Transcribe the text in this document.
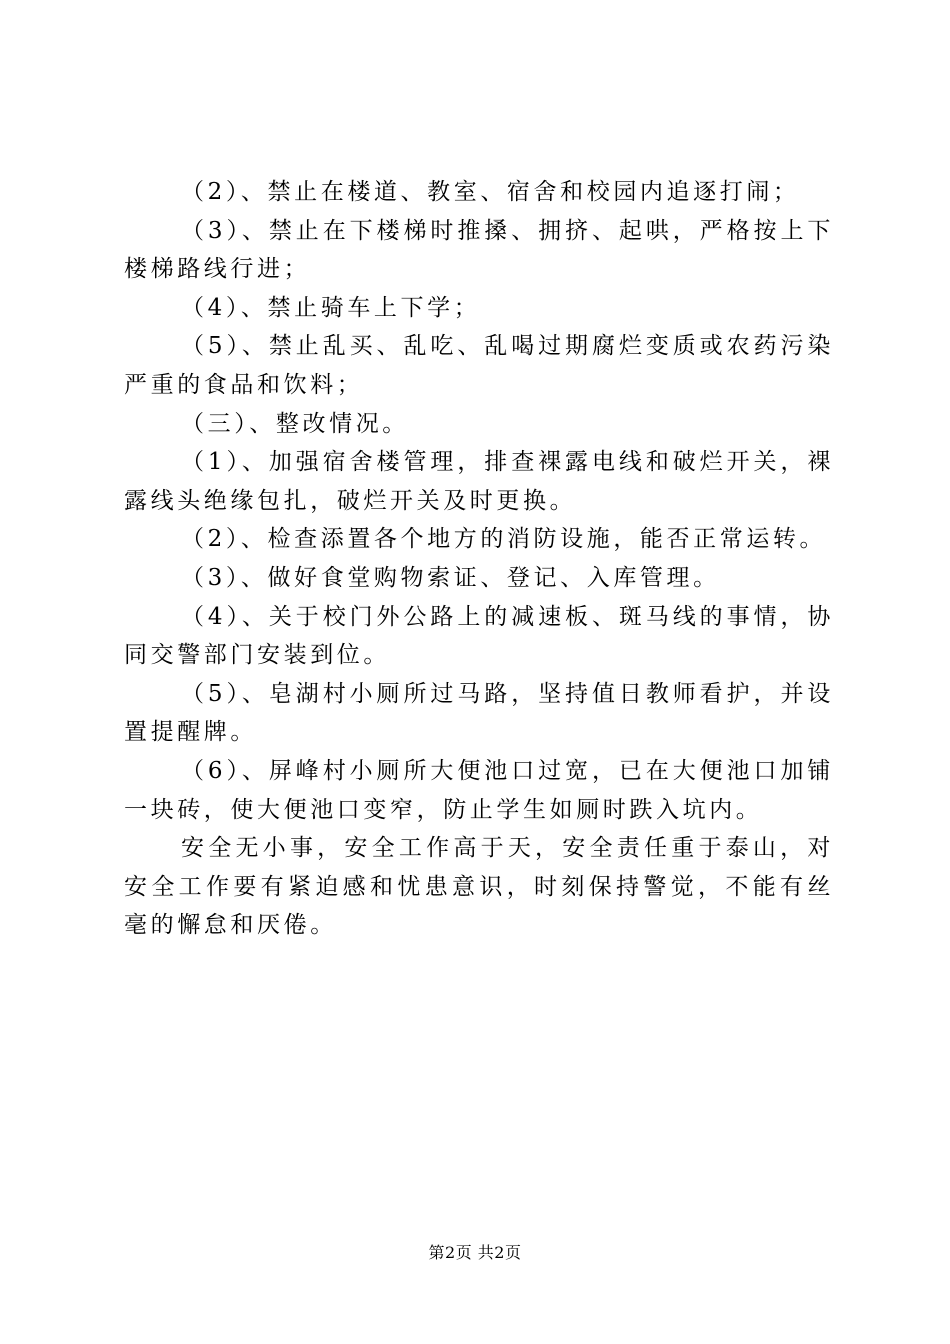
（2）、禁止在楼道、教室、宿舍和校园内追逐打闹；

（3）、禁止在下楼梯时推搡、拥挤、起哄，严格按上下楼梯路线行进；

（4）、禁止骑车上下学；

（5）、禁止乱买、乱吃、乱喝过期腐烂变质或农药污染严重的食品和饮料；

（三）、整改情况。

（1）、加强宿舍楼管理，排查裸露电线和破烂开关，裸露线头绝缘包扎，破烂开关及时更换。

（2）、检查添置各个地方的消防设施，能否正常运转。

（3）、做好食堂购物索证、登记、入库管理。

（4）、关于校门外公路上的减速板、斑马线的事情，协同交警部门安装到位。

（5）、皂湖村小厕所过马路，坚持值日教师看护，并设置提醒牌。

（6）、屏峰村小厕所大便池口过宽，已在大便池口加铺一块砖，使大便池口变窄，防止学生如厕时跌入坑内。

安全无小事，安全工作高于天，安全责任重于泰山，对安全工作要有紧迫感和忧患意识，时刻保持警觉，不能有丝毫的懈怠和厌倦。

第2页 共2页
